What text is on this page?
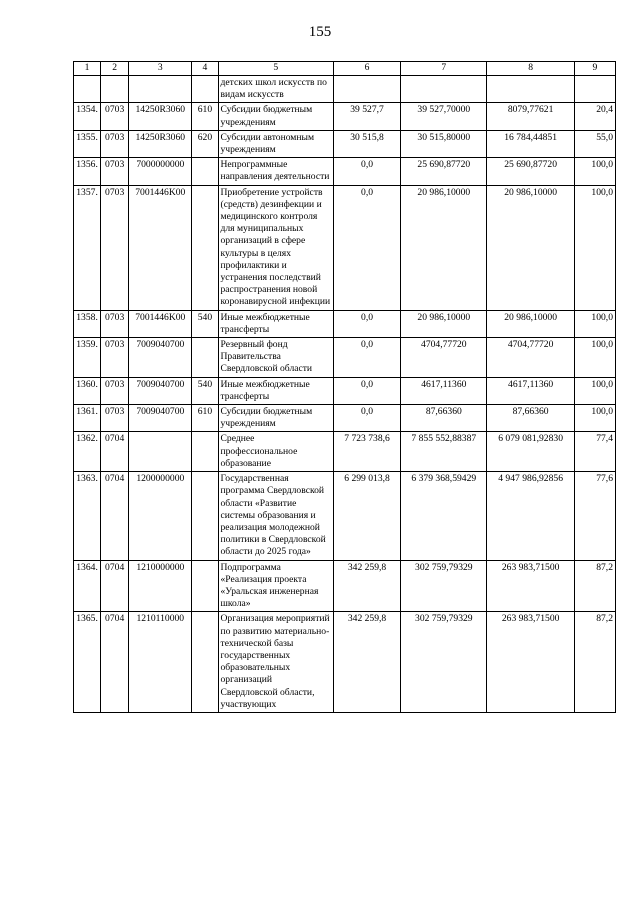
155
1	2	3	4	5	6	7	8	9
				детских школ искусств по видам искусств				
1354.	0703	14250R3060	610	Субсидии бюджетным учреждениям	39 527,7	39 527,70000	8079,77621	20,4
1355.	0703	14250R3060	620	Субсидии автономным учреждениям	30 515,8	30 515,80000	16 784,44851	55,0
1356.	0703	7000000000		Непрограммные направления деятельности	0,0	25 690,87720	25 690,87720	100,0
1357.	0703	7001446K00		Приобретение устройств (средств) дезинфекции и медицинского контроля для муниципальных организаций в сфере культуры в целях профилактики и устранения последствий распространения новой коронавирусной инфекции	0,0	20 986,10000	20 986,10000	100,0
1358.	0703	7001446K00	540	Иные межбюджетные трансферты	0,0	20 986,10000	20 986,10000	100,0
1359.	0703	7009040700		Резервный фонд Правительства Свердловской области	0,0	4704,77720	4704,77720	100,0
1360.	0703	7009040700	540	Иные межбюджетные трансферты	0,0	4617,11360	4617,11360	100,0
1361.	0703	7009040700	610	Субсидии бюджетным учреждениям	0,0	87,66360	87,66360	100,0
1362.	0704			Среднее профессиональное образование	7 723 738,6	7 855 552,88387	6 079 081,92830	77,4
1363.	0704	1200000000		Государственная программа Свердловской области «Развитие системы образования и реализация молодежной политики в Свердловской области до 2025 года»	6 299 013,8	6 379 368,59429	4 947 986,92856	77,6
1364.	0704	1210000000		Подпрограмма «Реализация проекта «Уральская инженерная школа»	342 259,8	302 759,79329	263 983,71500	87,2
1365.	0704	1210110000		Организация мероприятий по развитию материально-технической базы государственных образовательных организаций Свердловской области, участвующих	342 259,8	302 759,79329	263 983,71500	87,2
